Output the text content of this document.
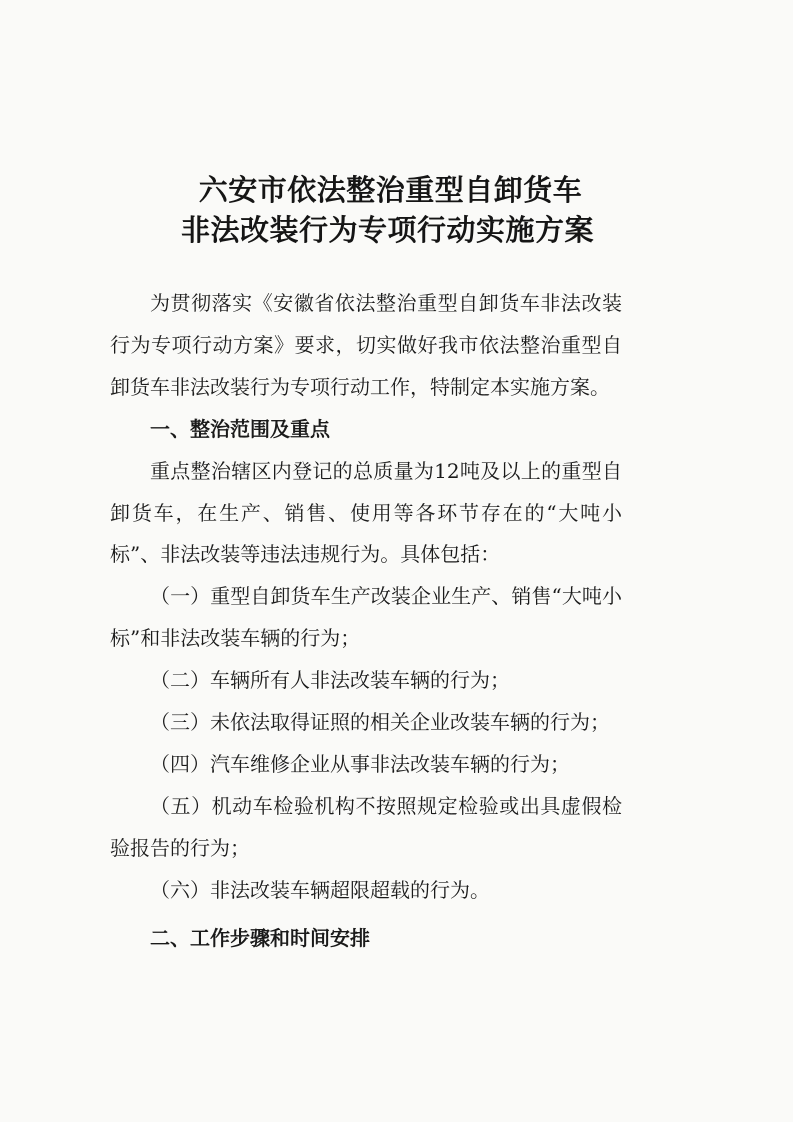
六安市依法整治重型自卸货车
非法改装行为专项行动实施方案

为贯彻落实《安徽省依法整治重型自卸货车非法改装行为专项行动方案》要求，切实做好我市依法整治重型自卸货车非法改装行为专项行动工作，特制定本实施方案。

一、整治范围及重点

重点整治辖区内登记的总质量为12吨及以上的重型自卸货车，在生产、销售、使用等各环节存在的“大吨小标”、非法改装等违法违规行为。具体包括：

（一）重型自卸货车生产改装企业生产、销售“大吨小标”和非法改装车辆的行为；

（二）车辆所有人非法改装车辆的行为；

（三）未依法取得证照的相关企业改装车辆的行为；

（四）汽车维修企业从事非法改装车辆的行为；

（五）机动车检验机构不按照规定检验或出具虚假检验报告的行为；

（六）非法改装车辆超限超载的行为。

二、工作步骤和时间安排
